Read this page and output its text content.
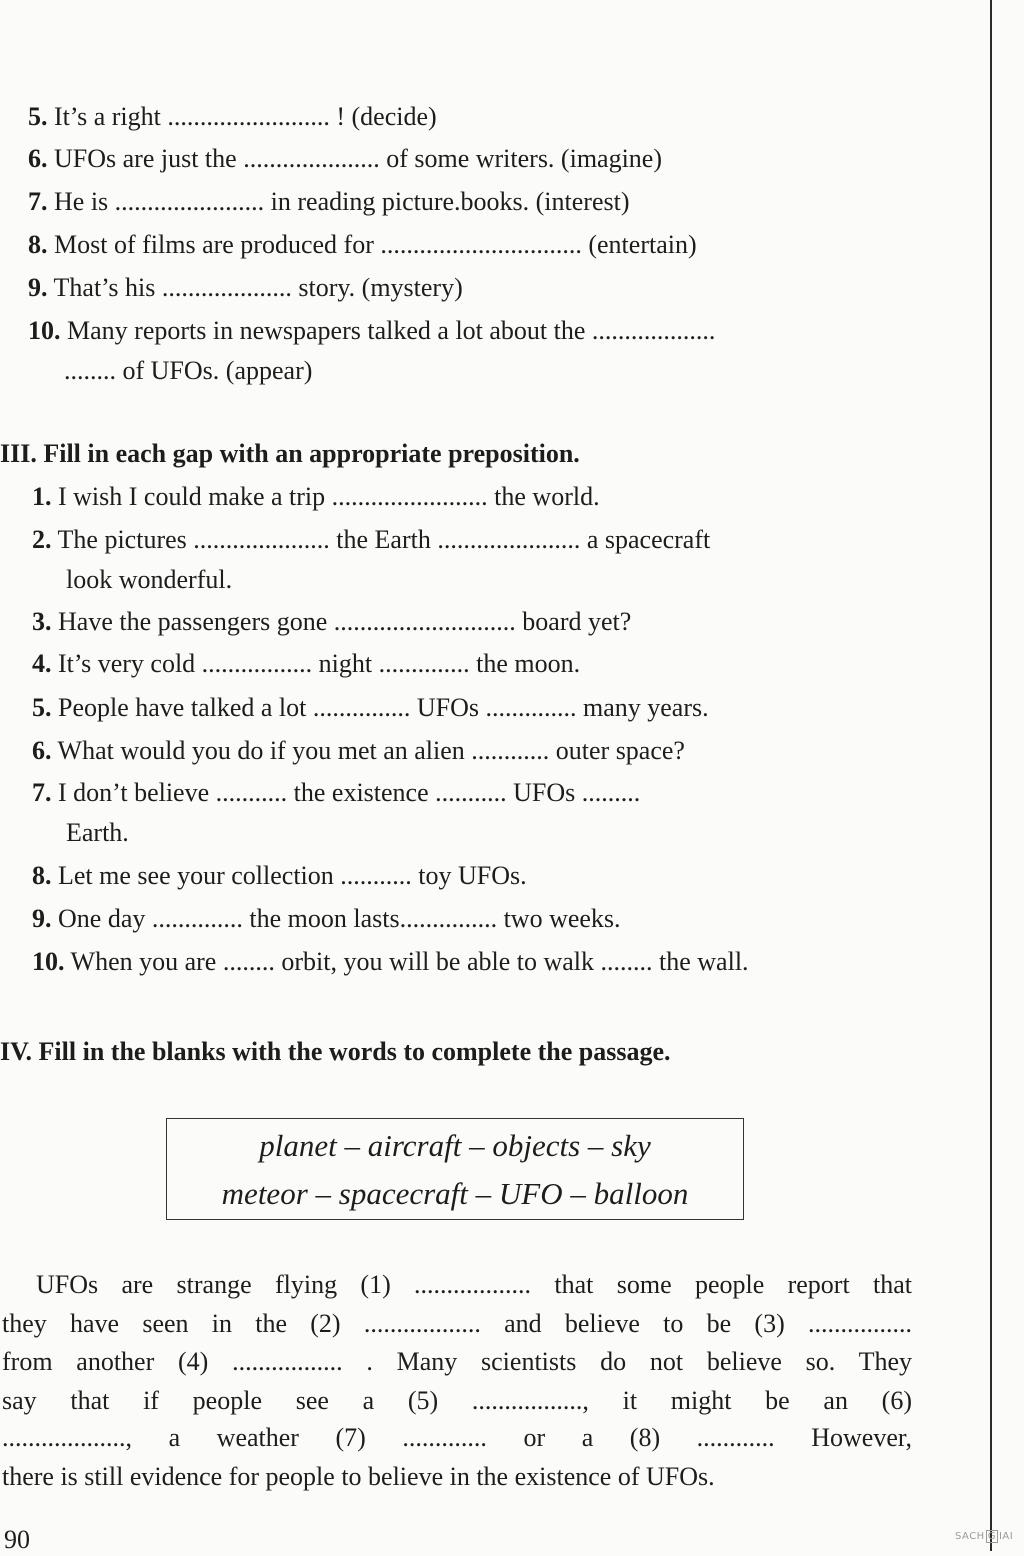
5. It’s a right ......................... ! (decide)
6. UFOs are just the ..................... of some writers. (imagine)
7. He is ....................... in reading picture.books. (interest)
8. Most of films are produced for ............................... (entertain)
9. That’s his .................... story. (mystery)
10. Many reports in newspapers talked a lot about the ...................
........ of UFOs. (appear)
III. Fill in each gap with an appropriate preposition.
1. I wish I could make a trip ........................ the world.
2. The pictures ..................... the Earth ...................... a spacecraft
look wonderful.
3. Have the passengers gone ............................ board yet?
4. It’s very cold ................. night .............. the moon.
5. People have talked a lot ............... UFOs .............. many years.
6. What would you do if you met an alien ............ outer space?
7. I don’t believe ........... the existence ........... UFOs .........
Earth.
8. Let me see your collection ........... toy UFOs.
9. One day .............. the moon lasts............... two weeks.
10. When you are ........ orbit, you will be able to walk ........ the wall.
IV. Fill in the blanks with the words to complete the passage.
planet – aircraft – objects – sky
meteor – spacecraft – UFO – balloon
UFOs are strange flying (1) .................. that some people report that
they have seen in the (2) .................. and believe to be (3) ................
from another (4) ................. . Many scientists do not believe so. They
say that if people see a (5) ................., it might be an (6)
..................., a weather (7) ............. or a (8) ............ However,
there is still evidence for people to believe in the existence of UFOs.
90	SACH G IAI
